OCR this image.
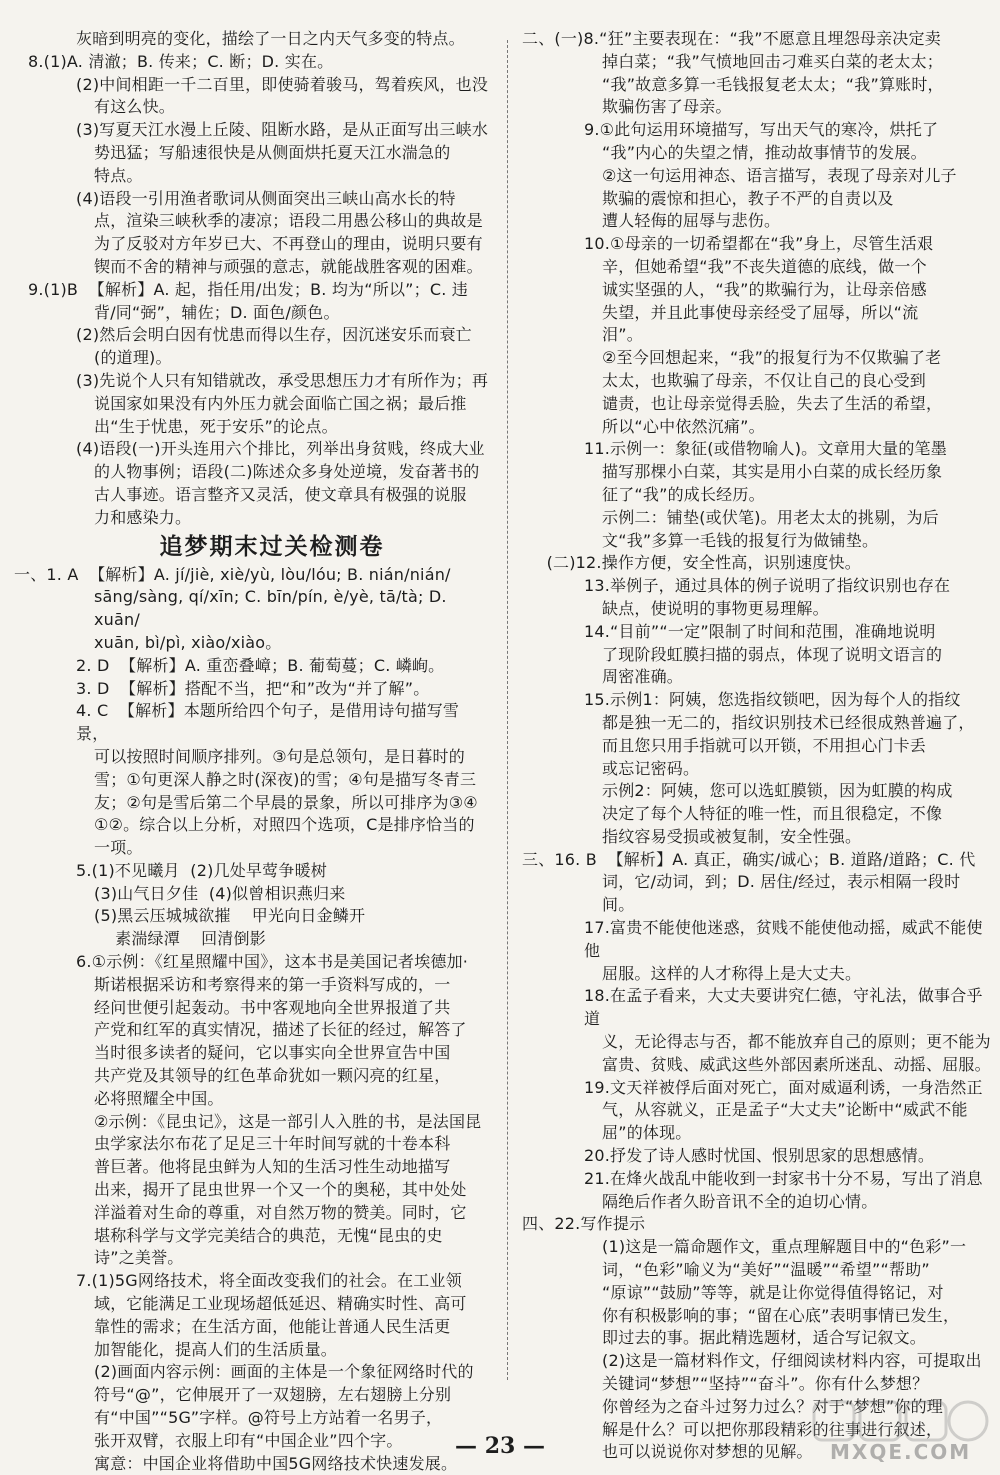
灰暗到明亮的变化，描绘了一日之内天气多变的特点。
8.(1)A. 清澈；B. 传来；C. 断；D. 实在。
(2)中间相距一千二百里，即使骑着骏马，驾着疾风，也没
有这么快。
(3)写夏天江水漫上丘陵、阻断水路，是从正面写出三峡水
势迅猛；写船速很快是从侧面烘托夏天江水湍急的
特点。
(4)语段一引用渔者歌词从侧面突出三峡山高水长的特
点，渲染三峡秋季的凄凉；语段二用愚公移山的典故是
为了反驳对方年岁已大、不再登山的理由，说明只要有
锲而不舍的精神与顽强的意志，就能战胜客观的困难。
9.(1)B  【解析】A. 起，指任用/出发；B. 均为“所以”；C. 违
背/同“弼”，辅佐；D. 面色/颜色。
(2)然后会明白因有忧患而得以生存，因沉迷安乐而衰亡
(的道理)。
(3)先说个人只有知错就改，承受思想压力才有所作为；再
说国家如果没有内外压力就会面临亡国之祸；最后推
出“生于忧患，死于安乐”的论点。
(4)语段(一)开头连用六个排比，列举出身贫贱，终成大业
的人物事例；语段(二)陈述众多身处逆境，发奋著书的
古人事迹。语言整齐又灵活，使文章具有极强的说服
力和感染力。
追梦期末过关检测卷
一、1. A  【解析】A. jí/jiè, xiè/yù, lòu/lóu; B. nián/nián/
sāng/sàng, qí/xīn; C. bīn/pín, è/yè, tā/tà; D. xuān/
xuān, bì/pì, xiào/xiào。
2. D  【解析】A. 重峦叠嶂；B. 葡萄蔓；C. 嶙峋。
3. D  【解析】搭配不当，把“和”改为“并了解”。
4. C  【解析】本题所给四个句子，是借用诗句描写雪景，
可以按照时间顺序排列。③句是总领句，是日暮时的
雪；①句更深人静之时(深夜)的雪；④句是描写冬青三
友；②句是雪后第二个早晨的景象，所以可排序为③④
①②。综合以上分析，对照四个选项，C是排序恰当的
一项。
5.(1)不见曦月  (2)几处早莺争暖树
(3)山气日夕佳  (4)似曾相识燕归来
(5)黑云压城城欲摧    甲光向日金鳞开
素湍绿潭    回清倒影
6.①示例：《红星照耀中国》，这本书是美国记者埃德加·
斯诺根据采访和考察得来的第一手资料写成的，一
经问世便引起轰动。书中客观地向全世界报道了共
产党和红军的真实情况，描述了长征的经过，解答了
当时很多读者的疑问，它以事实向全世界宣告中国
共产党及其领导的红色革命犹如一颗闪亮的红星，
必将照耀全中国。
②示例：《昆虫记》，这是一部引人入胜的书，是法国昆
虫学家法尔布花了足足三十年时间写就的十卷本科
普巨著。他将昆虫鲜为人知的生活习性生动地描写
出来，揭开了昆虫世界一个又一个的奥秘，其中处处
洋溢着对生命的尊重，对自然万物的赞美。同时，它
堪称科学与文学完美结合的典范，无愧“昆虫的史
诗”之美誉。
7.(1)5G网络技术，将全面改变我们的社会。在工业领
域，它能满足工业现场超低延迟、精确实时性、高可
靠性的需求；在生活方面，他能让普通人民生活更
加智能化，提高人们的生活质量。
(2)画面内容示例：画面的主体是一个象征网络时代的
符号“@”，它伸展开了一双翅膀，左右翅膀上分别
有“中国”“5G”字样。@符号上方站着一名男子，
张开双臂，衣服上印有“中国企业”四个字。
寓意：中国企业将借助中国5G网络技术快速发展。
二、(一)8.“狂”主要表现在：“我”不愿意且埋怨母亲决定卖
掉白菜；“我”气愤地回击刁难买白菜的老太太；
“我”故意多算一毛钱报复老太太；“我”算账时，
欺骗伤害了母亲。
9.①此句运用环境描写，写出天气的寒冷，烘托了
“我”内心的失望之情，推动故事情节的发展。
②这一句运用神态、语言描写，表现了母亲对儿子
欺骗的震惊和担心，教子不严的自责以及
遭人轻侮的屈辱与悲伤。
10.①母亲的一切希望都在“我”身上，尽管生活艰
辛，但她希望“我”不丧失道德的底线，做一个
诚实坚强的人，“我”的欺骗行为，让母亲倍感
失望，并且此事使母亲经受了屈辱，所以“流
泪”。
②至今回想起来，“我”的报复行为不仅欺骗了老
太太，也欺骗了母亲，不仅让自己的良心受到
谴责，也让母亲觉得丢脸，失去了生活的希望，
所以“心中依然沉痛”。
11.示例一：象征(或借物喻人)。文章用大量的笔墨
描写那棵小白菜，其实是用小白菜的成长经历象
征了“我”的成长经历。
示例二：铺垫(或伏笔)。用老太太的挑剔，为后
文“我”多算一毛钱的报复行为做铺垫。
(二)12.操作方便，安全性高，识别速度快。
13.举例子，通过具体的例子说明了指纹识别也存在
缺点，使说明的事物更易理解。
14.“目前”“一定”限制了时间和范围，准确地说明
了现阶段虹膜扫描的弱点，体现了说明文语言的
周密准确。
15.示例1：阿姨，您选指纹锁吧，因为每个人的指纹
都是独一无二的，指纹识别技术已经很成熟普遍了，
而且您只用手指就可以开锁，不用担心门卡丢
或忘记密码。
示例2：阿姨，您可以选虹膜锁，因为虹膜的构成
决定了每个人特征的唯一性，而且很稳定，不像
指纹容易受损或被复制，安全性强。
三、16. B  【解析】A. 真正，确实/诚心；B. 道路/道路；C. 代
词，它/动词，到；D. 居住/经过，表示相隔一段时间。
17.富贵不能使他迷惑，贫贱不能使他动摇，威武不能使他
屈服。这样的人才称得上是大丈夫。
18.在孟子看来，大丈夫要讲究仁德，守礼法，做事合乎道
义，无论得志与否，都不能放弃自己的原则；更不能为
富贵、贫贱、威武这些外部因素所迷乱、动摇、屈服。
19.文天祥被俘后面对死亡，面对威逼利诱，一身浩然正
气，从容就义，正是孟子“大丈夫”论断中“威武不能
屈”的体现。
20.抒发了诗人感时忧国、恨别思家的思想感情。
21.在烽火战乱中能收到一封家书十分不易，写出了消息
隔绝后作者久盼音讯不全的迫切心情。
四、22.写作提示
(1)这是一篇命题作文，重点理解题目中的“色彩”一
词，“色彩”喻义为“美好”“温暖”“希望”“帮助”
“原谅”“鼓励”等等，就是让你觉得值得铭记，对
你有积极影响的事；“留在心底”表明事情已发生，
即过去的事。据此精选题材，适合写记叙文。
(2)这是一篇材料作文，仔细阅读材料内容，可提取出
关键词“梦想”“坚持”“奋斗”。你有什么梦想？
你曾经为之奋斗过努力过么？对于“梦想”你的理
解是什么？可以把你那段精彩的往事进行叙述，
也可以说说你对梦想的见解。
— 23 —	MXQE.COM
